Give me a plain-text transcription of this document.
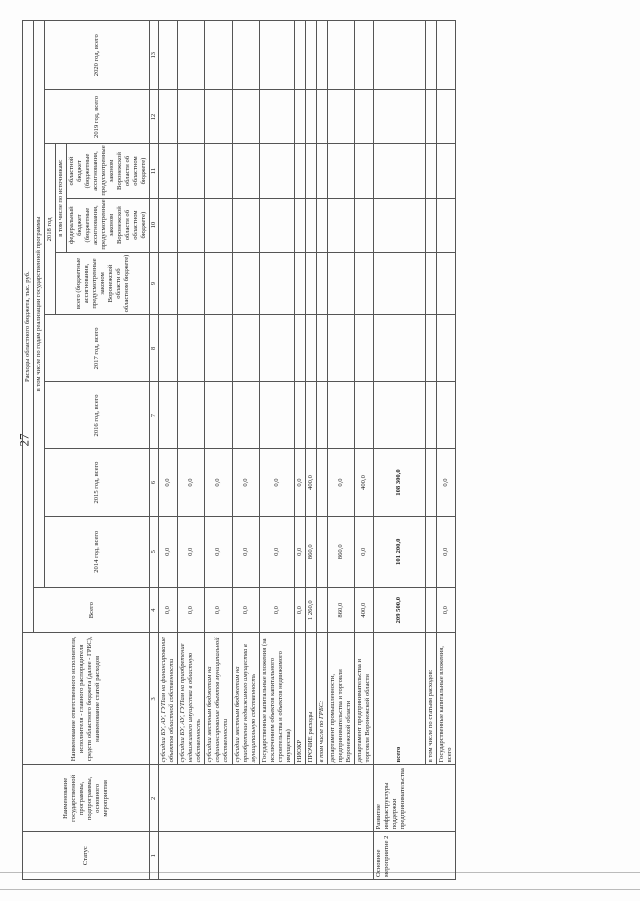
27
Статус	Наименование государственной программы, подпрограммы, основного мероприятия	Наименование ответственного исполнителя, исполнителя - главного распорядителя средств областного бюджета (далее - ГРБС), наименование статей расходов	Расходы областного бюджета, тыс. руб.									
			Всего	в том числе по годам реализации государственной программы								
				2014 год, всего	2015 год, всего	2016 год, всего	2017 год, всего	2018 год			2019 год, всего	2020 год, всего
								всего (бюджетные ассигнования, предусмотренные законом Воронежской области об областном бюджете)	в том числе по источникам:			
									федеральный бюджет (бюджетные ассигнования, предусмотренные законом Воронежской области об областном бюджете)	областной бюджет (бюджетные ассигнования, предусмотренные законом Воронежской области об областном бюджете)		
1	2	3	4	5	6	7	8	9	10	11	12	13
		субсидии БУ, АУ, ГУПам на финансирование объектов областной собственности	0,0	0,0	0,0							
		субсидии БУ, АУ, ГУПам на приобретение недвижимого имущества в областную собственность	0,0	0,0	0,0							
		субсидии местным бюджетам на софинансирование объектов муниципальной собственности	0,0	0,0	0,0							
		субсидии местным бюджетам на приобретение недвижимого имущества в муниципальную собственность	0,0	0,0	0,0							
		Государственные капитальные вложения (за исключением объектов капитального строительства и объектов недвижимого имущества)	0,0	0,0	0,0							
		НИОКР	0,0	0,0	0,0							
		ПРОЧИЕ расходы	1 260,0	860,0	400,0							
		в том числе по ГРБС:										
		департамент промышленности, предпринимательства и торговли Воронежской области	860,0	860,0	0,0							
		департамент предпринимательства и торговли Воронежской области	400,0	0,0	400,0							
Основное мероприятие 2	Развитие инфраструктуры поддержки предпринимательства	всего	209 500,0	101 200,0	108 300,0							
		в том числе по статьям расходов:										
		Государственные капитальные вложения, всего	0,0	0,0	0,0							
